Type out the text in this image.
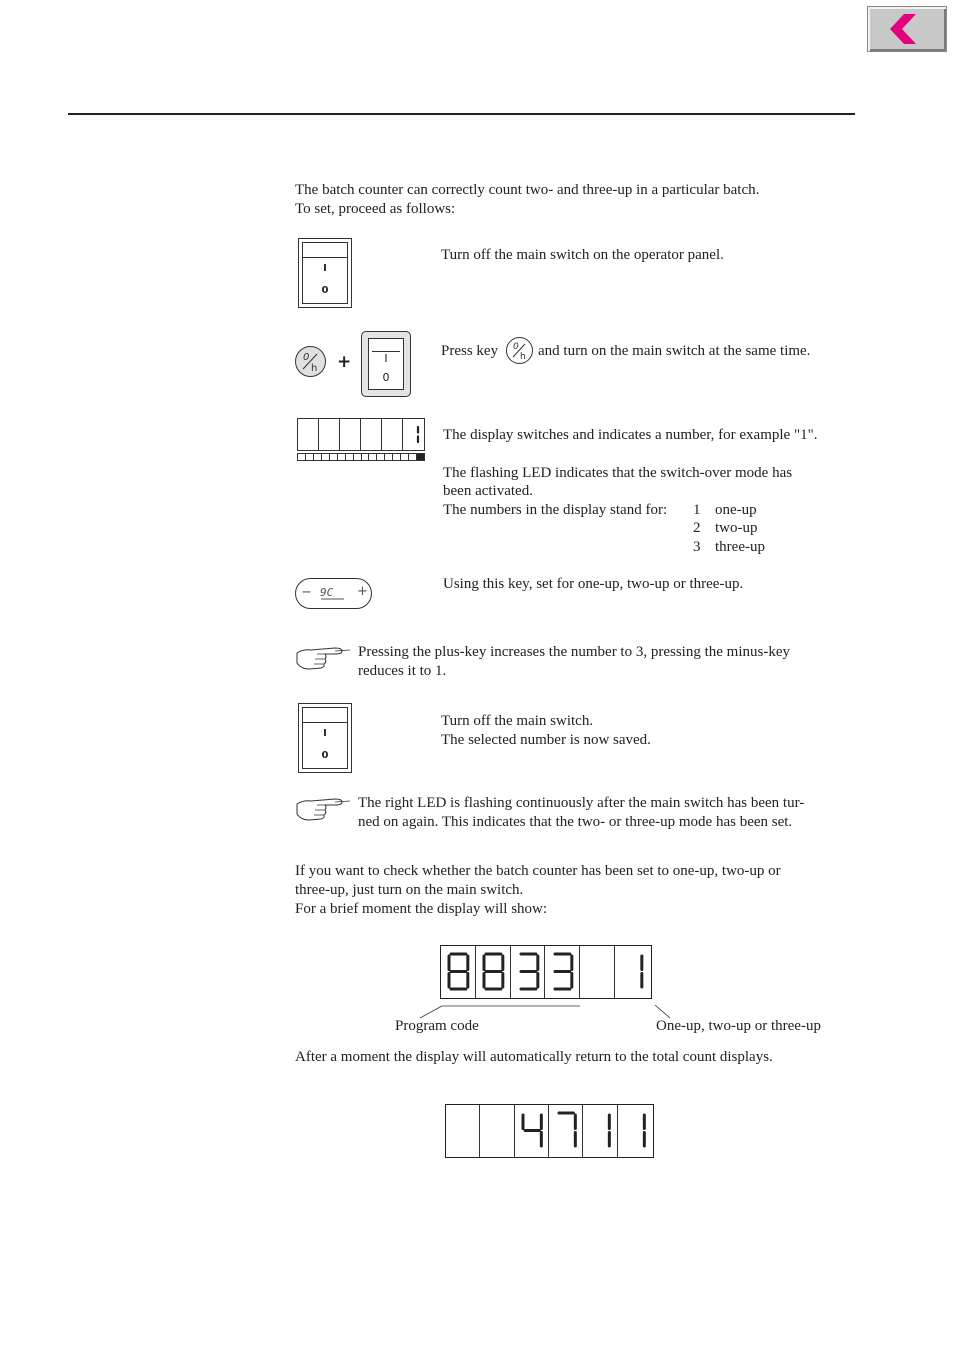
The batch counter can correctly count two- and three-up in a particular batch.
To set, proceed as follows:
I
0
Turn off the main switch on the operator panel.
0
h +	I
0
Press key 0
h and turn on the main switch at the same time.
The display switches and indicates a number, for example "1".
The flashing LED indicates that the switch-over mode has
been activated.
The numbers in the display stand for: 1 one-up
2 two-up
3 three-up
− 9C +	Using this key, set for one-up, two-up or three-up.
Pressing the plus-key increases the number to 3, pressing the minus-key
reduces it to 1.
I
0
Turn off the main switch.
The selected number is now saved.
The right LED is flashing continuously after the main switch has been tur-
ned on again. This indicates that the two- or three-up mode has been set.
If you want to check whether the batch counter has been set to one-up, two-up or
three-up, just turn on the main switch.
For a brief moment the display will show:
Program code	One-up, two-up or three-up
After a moment the display will automatically return to the total count displays.
